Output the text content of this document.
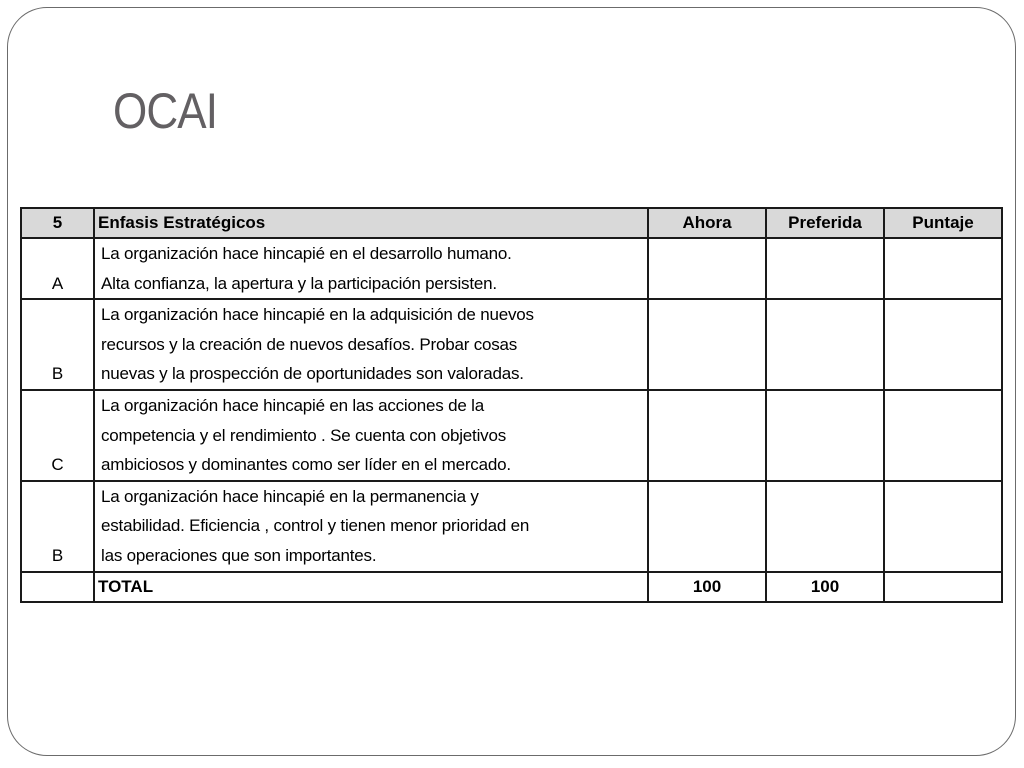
OCAI
5	Enfasis Estratégicos	Ahora	Preferida	Puntaje
A	La organización hace hincapié en el desarrollo humano.
Alta confianza, la apertura y la participación persisten.			

B	La organización hace hincapié en la adquisición de nuevos
recursos y la creación de nuevos desafíos. Probar cosas
nuevas y la prospección de oportunidades son valoradas.			

C	La organización hace hincapié en las acciones de la
competencia y el rendimiento . Se cuenta con objetivos
ambiciosos y dominantes como ser líder en el mercado.			

B	La organización hace hincapié en la permanencia y
estabilidad. Eficiencia , control y tienen menor prioridad en
las operaciones que son importantes.			

	TOTAL	100	100	
